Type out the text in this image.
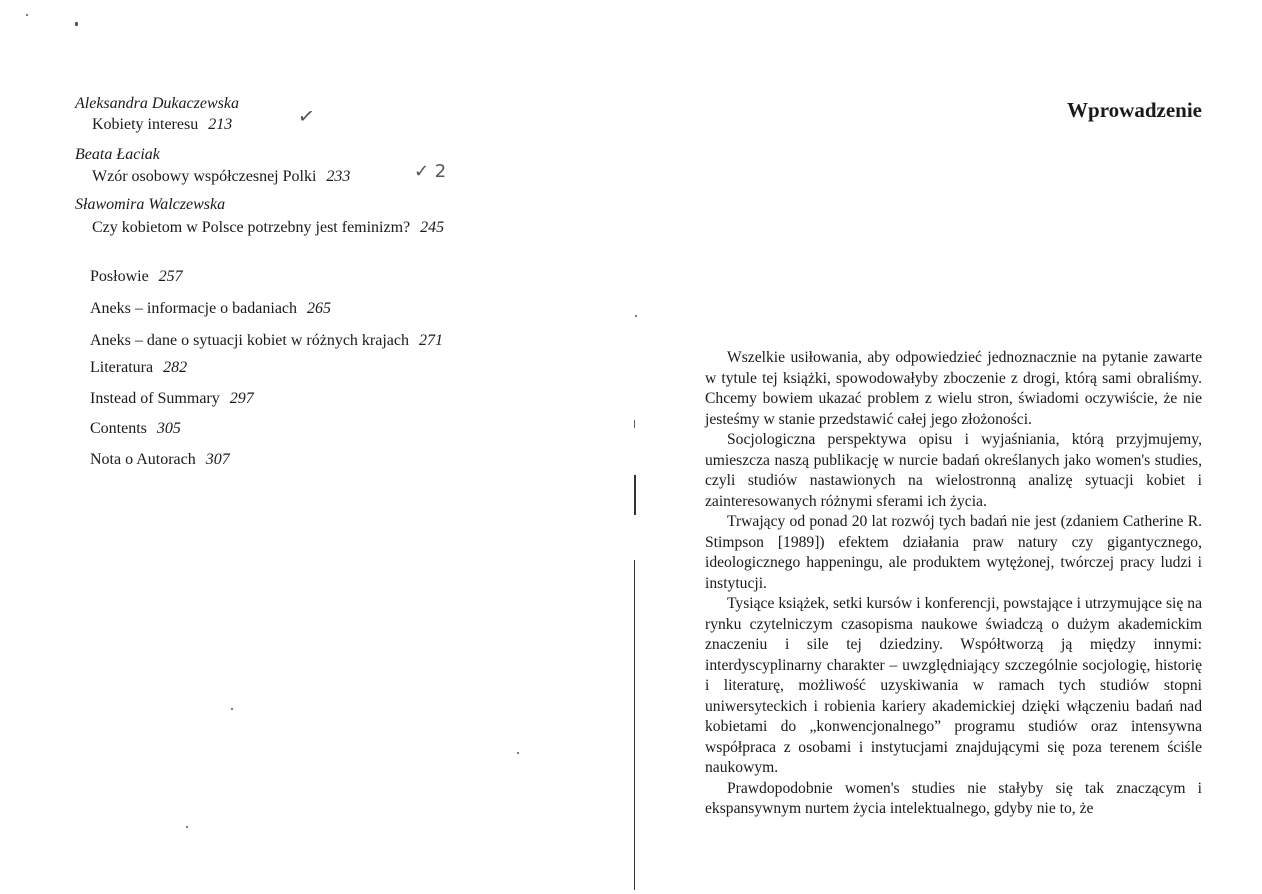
Aleksandra Dukaczewska
Kobiety interesu 213
Beata Łaciak
Wzór osobowy współczesnej Polki 233
Sławomira Walczewska
Czy kobietom w Polsce potrzebny jest feminizm? 245
Posłowie 257
Aneks – informacje o badaniach 265
Aneks – dane o sytuacji kobiet w różnych krajach 271
Literatura 282
Instead of Summary 297
Contents 305
Nota o Autorach 307
✓
✓ 2
Wprowadzenie

Wszelkie usiłowania, aby odpowiedzieć jednoznacznie na pytanie zawarte w tytule tej książki, spowodowałyby zboczenie z drogi, którą sami obraliśmy. Chcemy bowiem ukazać problem z wielu stron, świadomi oczywiście, że nie jesteśmy w stanie przedstawić całej jego złożoności.

Socjologiczna perspektywa opisu i wyjaśniania, którą przyjmujemy, umieszcza naszą publikację w nurcie badań określanych jako women's studies, czyli studiów nastawionych na wielostronną analizę sytuacji kobiet i zainteresowanych różnymi sferami ich życia.

Trwający od ponad 20 lat rozwój tych badań nie jest (zdaniem Catherine R. Stimpson [1989]) efektem działania praw natury czy gigantycznego, ideologicznego happeningu, ale produktem wytężonej, twórczej pracy ludzi i instytucji.

Tysiące książek, setki kursów i konferencji, powstające i utrzymujące się na rynku czytelniczym czasopisma naukowe świadczą o dużym akademickim znaczeniu i sile tej dziedziny. Współtworzą ją między innymi: interdyscyplinarny charakter – uwzględniający szczególnie socjologię, historię i literaturę, możliwość uzyskiwania w ramach tych studiów stopni uniwersyteckich i robienia kariery akademickiej dzięki włączeniu badań nad kobietami do „konwencjonalnego” programu studiów oraz intensywna współpraca z osobami i instytucjami znajdującymi się poza terenem ściśle naukowym.

Prawdopodobnie women's studies nie stałyby się tak znaczącym i ekspansywnym nurtem życia intelektualnego, gdyby nie to, że
